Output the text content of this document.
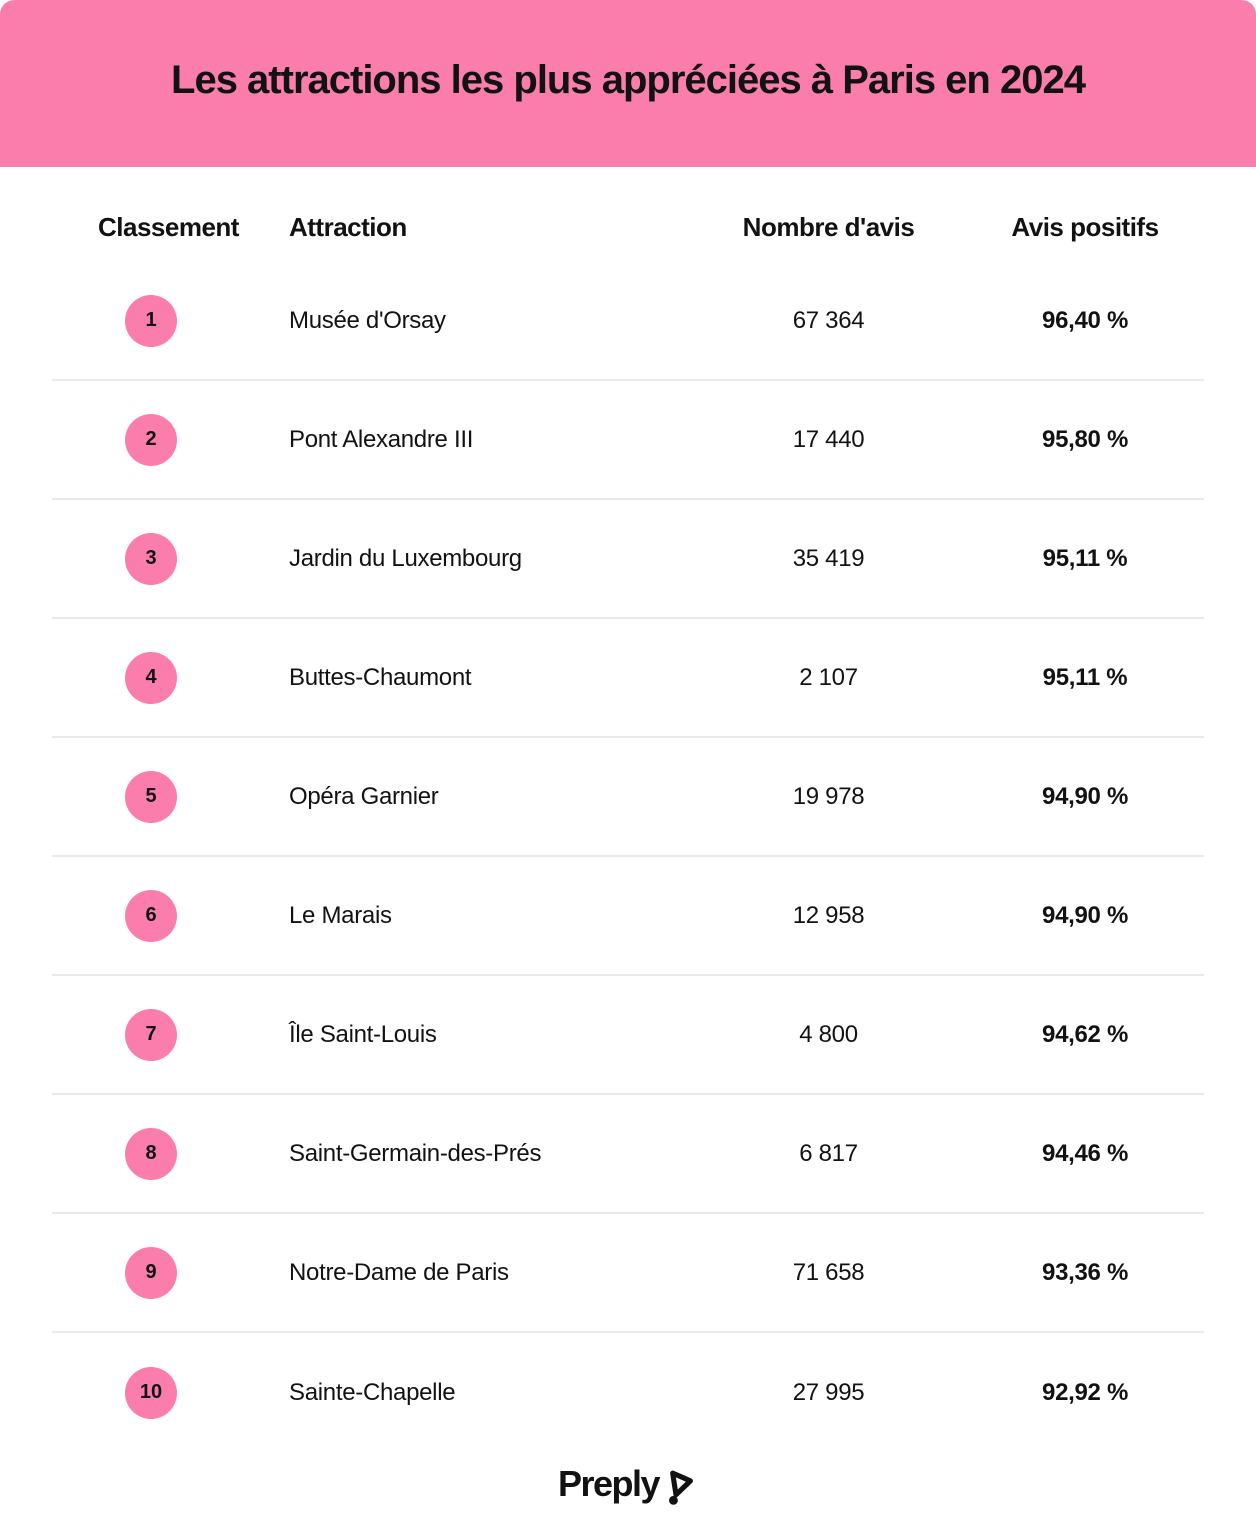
Les attractions les plus appréciées à Paris en 2024
Classement	Attraction	Nombre d'avis	Avis positifs
1	Musée d'Orsay	67 364	96,40 %
2	Pont Alexandre III	17 440	95,80 %
3	Jardin du Luxembourg	35 419	95,11 %
4	Buttes-Chaumont	2 107	95,11 %
5	Opéra Garnier	19 978	94,90 %
6	Le Marais	12 958	94,90 %
7	Île Saint-Louis	4 800	94,62 %
8	Saint-Germain-des-Prés	6 817	94,46 %
9	Notre-Dame de Paris	71 658	93,36 %
10	Sainte-Chapelle	27 995	92,92 %
Preply
